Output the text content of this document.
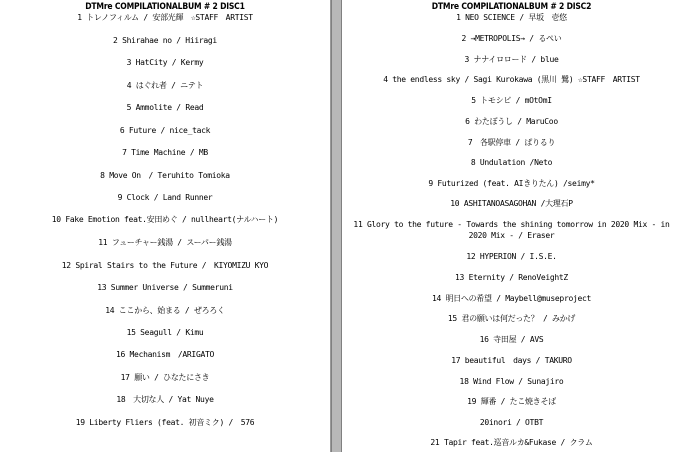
DTMre COMPILATIONALBUM # 2 DISC1
1 トレノフィルム / 安部光輝　☆STAFF　ARTIST
2 Shirahae no / Hiiragi
3 HatCity / Kermy
4 はぐれ者 / ニテト
5 Ammolite / Read
6 Future / nice_tack
7 Time Machine / MB
8 Move On　/ Teruhito Tomioka
9 Clock / Land Runner
10 Fake Emotion feat.安田めぐ / nullheart(ナルハート)
11 フューチャー銭湯 / スーパー銭湯
12 Spiral Stairs to the Future /　KIYOMIZU KYO
13 Summer Universe / Summeruni
14 ここから、始まる / ぜろろく
15 Seagull / Kimu
16 Mechanism　/ARIGATO
17 願い / ひなたにさき
18　大切な人 / Yat Nuye
19 Liberty Fliers (feat. 初音ミク) /　576
DTMre COMPILATIONALBUM # 2 DISC2
1 NEO SCIENCE / 早坂　壱悠
2 →METROPOLIS→ / るぺい
3 ナナイロロード / blue
4 the endless sky / Sagi Kurokawa (黒川 鷺) ☆STAFF　ARTIST
5 トモシビ / mOtOmI
6 わたぼうし / MaruCoo
7　各駅停車 / ぱりるり
8 Undulation /Neto
9 Futurized (feat. AIきりたん) /seimy*
10 ASHITANOASAGOHAN /大理石P
11 Glory to the future - Towards the shining tomorrow in 2020 Mix - in 2020 Mix - / Eraser
12 HYPERION / I.S.E.
13 Eternity / RenoVeightZ
14 明日への希望 / Maybell@museproject
15 君の願いは何だった？ / みかげ
16 寺田屋 / AVS
17 beautiful　days / TAKURO
18 Wind Flow / Sunajiro
19 輝番 / たこ焼きそば
20inori / OTBT
21 Tapir feat.巡音ルカ&Fukase / クラム
